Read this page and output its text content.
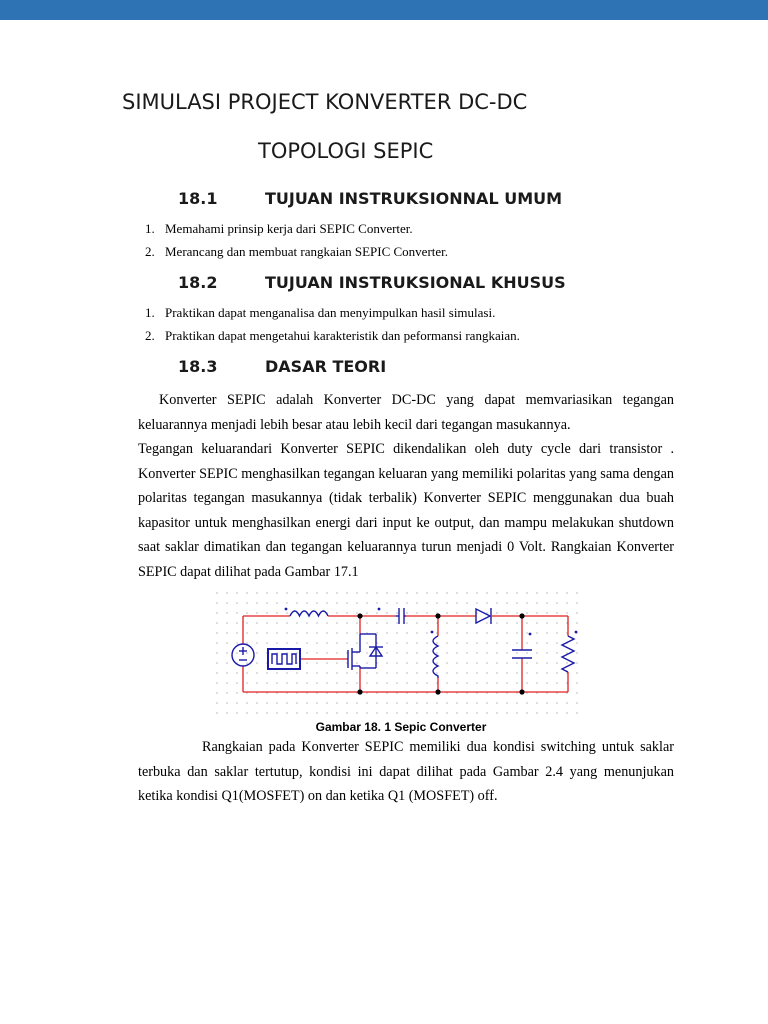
SIMULASI PROJECT KONVERTER DC-DC
TOPOLOGI SEPIC
18.1	TUJUAN INSTRUKSIONNAL UMUM
1. Memahami prinsip kerja dari SEPIC Converter.
2. Merancang dan membuat rangkaian SEPIC Converter.
18.2	TUJUAN INSTRUKSIONAL KHUSUS
1. Praktikan dapat menganalisa dan menyimpulkan hasil simulasi.
2. Praktikan dapat mengetahui karakteristik dan peformansi rangkaian.
18.3	DASAR TEORI

Konverter SEPIC adalah Konverter DC-DC yang dapat memvariasikan tegangan keluarannya menjadi lebih besar atau lebih kecil dari tegangan masukannya.

Tegangan keluarandari Konverter SEPIC dikendalikan oleh duty cycle dari transistor . Konverter SEPIC menghasilkan tegangan keluaran yang memiliki polaritas yang sama dengan polaritas tegangan masukannya (tidak terbalik) Konverter SEPIC menggunakan dua buah kapasitor untuk menghasilkan energi dari input ke output, dan mampu melakukan shutdown saat saklar dimatikan dan tegangan keluarannya turun menjadi 0 Volt. Rangkaian Konverter SEPIC dapat dilihat pada Gambar 17.1

Gambar 18. 1 Sepic Converter

Rangkaian pada Konverter SEPIC memiliki dua kondisi switching untuk saklar terbuka dan saklar tertutup, kondisi ini dapat dilihat pada Gambar 2.4 yang menunjukan ketika kondisi Q1(MOSFET) on dan ketika Q1 (MOSFET) off.
